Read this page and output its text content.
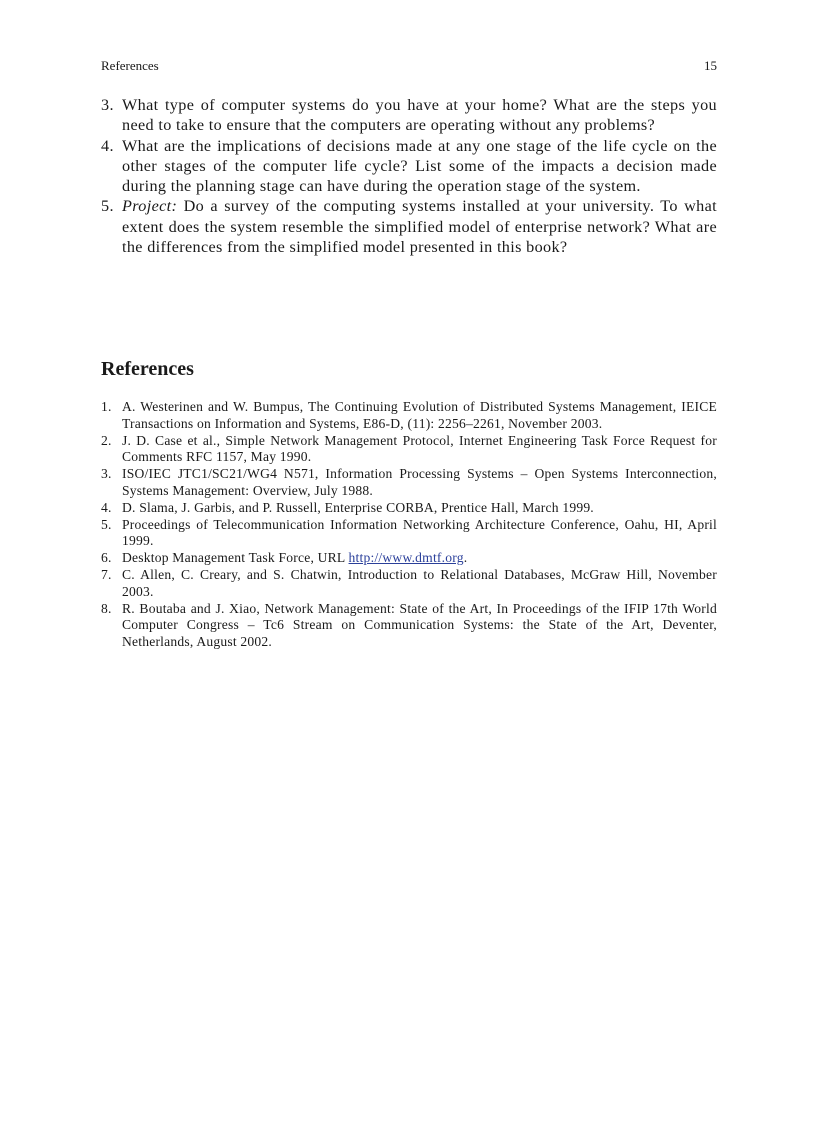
References	15
3. What type of computer systems do you have at your home? What are the steps you need to take to ensure that the computers are operating without any problems?
4. What are the implications of decisions made at any one stage of the life cycle on the other stages of the computer life cycle? List some of the impacts a decision made during the planning stage can have during the operation stage of the system.
5. Project: Do a survey of the computing systems installed at your university. To what extent does the system resemble the simplified model of enterprise network? What are the differences from the simplified model presented in this book?
References
1. A. Westerinen and W. Bumpus, The Continuing Evolution of Distributed Systems Management, IEICE Transactions on Information and Systems, E86-D, (11): 2256–2261, November 2003.
2. J. D. Case et al., Simple Network Management Protocol, Internet Engineering Task Force Request for Comments RFC 1157, May 1990.
3. ISO/IEC JTC1/SC21/WG4 N571, Information Processing Systems – Open Systems Interconnection, Systems Management: Overview, July 1988.
4. D. Slama, J. Garbis, and P. Russell, Enterprise CORBA, Prentice Hall, March 1999.
5. Proceedings of Telecommunication Information Networking Architecture Conference, Oahu, HI, April 1999.
6. Desktop Management Task Force, URL http://www.dmtf.org.
7. C. Allen, C. Creary, and S. Chatwin, Introduction to Relational Databases, McGraw Hill, November 2003.
8. R. Boutaba and J. Xiao, Network Management: State of the Art, In Proceedings of the IFIP 17th World Computer Congress – Tc6 Stream on Communication Systems: the State of the Art, Deventer, Netherlands, August 2002.
